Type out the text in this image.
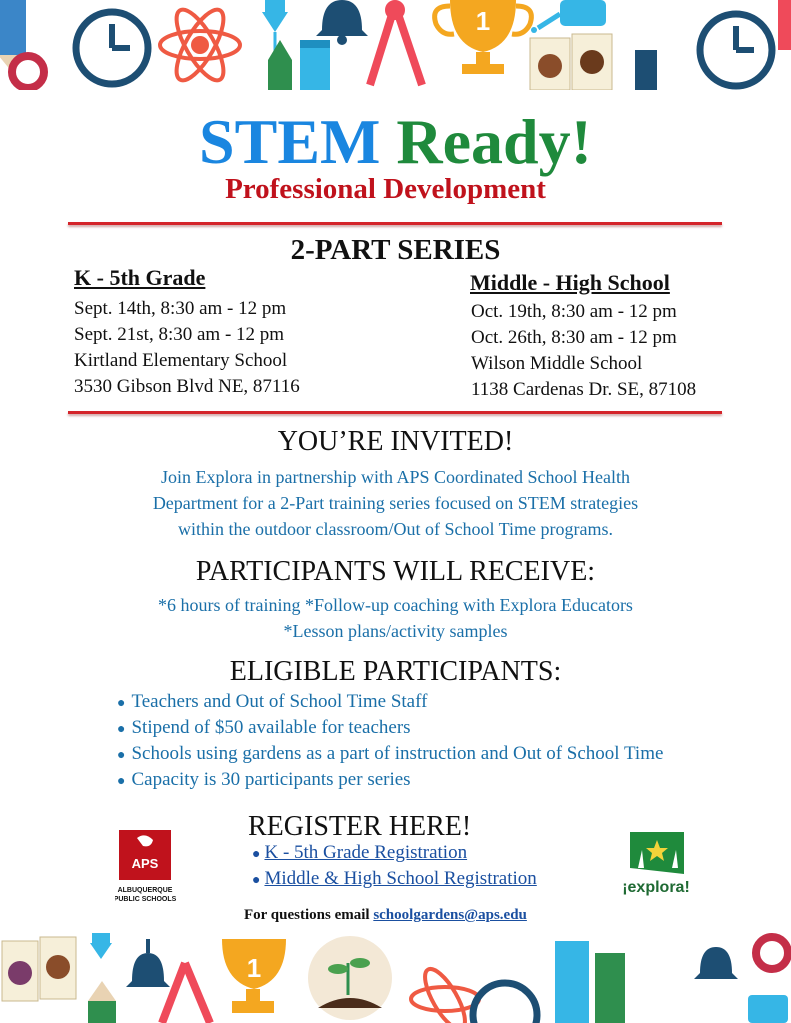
1
STEM Ready!
Professional Development
2-PART SERIES
K - 5th Grade
Sept. 14th, 8:30 am - 12 pm
Sept. 21st, 8:30 am - 12 pm
Kirtland Elementary School
3530 Gibson Blvd NE, 87116
Middle - High School
Oct. 19th, 8:30 am - 12 pm
Oct. 26th, 8:30 am - 12 pm
Wilson Middle School
1138 Cardenas Dr. SE, 87108
YOU’RE INVITED!
Join Explora in partnership with APS Coordinated School Health
Department for a 2-Part training series focused on STEM strategies
within the outdoor classroom/Out of School Time programs.
PARTICIPANTS WILL RECEIVE:
*6 hours of training *Follow-up coaching with Explora Educators
*Lesson plans/activity samples
ELIGIBLE PARTICIPANTS:
● Teachers and Out of School Time Staff
● Stipend of $50 available for teachers
● Schools using gardens as a part of instruction and Out of School Time
● Capacity is 30 participants per series
APS
ALBUQUERQUE
PUBLIC SCHOOLS
REGISTER HERE!
● K - 5th Grade Registration
● Middle & High School Registration
For questions email schoolgardens@aps.edu
¡explora!
1
